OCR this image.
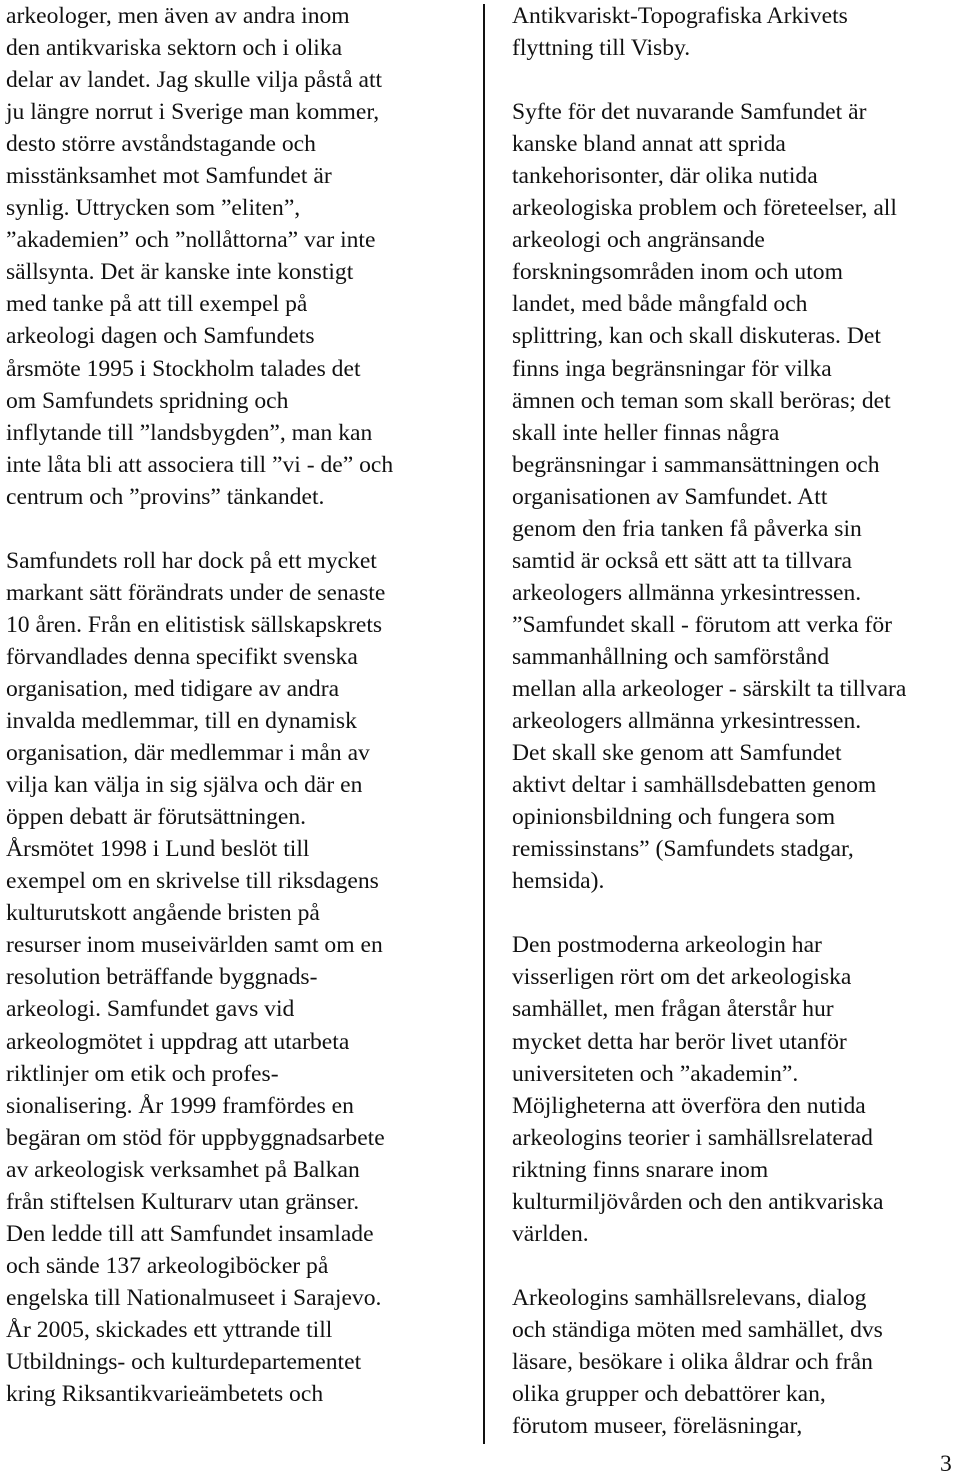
arkeologer, men även av andra inom
den antikvariska sektorn och i olika
delar av landet. Jag skulle vilja påstå att
ju längre norrut i Sverige man kommer,
desto större avståndstagande och
misstänksamhet mot Samfundet är
synlig. Uttrycken som ”eliten”,
”akademien” och ”nollåttorna” var inte
sällsynta. Det är kanske inte konstigt
med tanke på att till exempel på
arkeologi dagen och Samfundets
årsmöte 1995 i Stockholm talades det
om Samfundets spridning och
inflytande till ”landsbygden”, man kan
inte låta bli att associera till ”vi - de” och
centrum och ”provins” tänkandet.

Samfundets roll har dock på ett mycket
markant sätt förändrats under de senaste
10 åren. Från en elitistisk sällskapskrets
förvandlades denna specifikt svenska
organisation, med tidigare av andra
invalda medlemmar, till en dynamisk
organisation, där medlemmar i mån av
vilja kan välja in sig själva och där en
öppen debatt är förutsättningen.
Årsmötet 1998 i Lund beslöt till
exempel om en skrivelse till riksdagens
kulturutskott angående bristen på
resurser inom museivärlden samt om en
resolution beträffande byggnads-
arkeologi. Samfundet gavs vid
arkeologmötet i uppdrag att utarbeta
riktlinjer om etik och profes-
sionalisering. År 1999 framfördes en
begäran om stöd för uppbyggnadsarbete
av arkeologisk verksamhet på Balkan
från stiftelsen Kulturarv utan gränser.
Den ledde till att Samfundet insamlade
och sände 137 arkeologiböcker på
engelska till Nationalmuseet i Sarajevo.
År 2005, skickades ett yttrande till
Utbildnings- och kulturdepartementet
kring Riksantikvarieämbetets och

Antikvariskt-Topografiska Arkivets
flyttning till Visby.

Syfte för det nuvarande Samfundet är
kanske bland annat att sprida
tankehorisonter, där olika nutida
arkeologiska problem och företeelser, all
arkeologi och angränsande
forskningsområden inom och utom
landet, med både mångfald och
splittring, kan och skall diskuteras. Det
finns inga begränsningar för vilka
ämnen och teman som skall beröras; det
skall inte heller finnas några
begränsningar i sammansättningen och
organisationen av Samfundet. Att
genom den fria tanken få påverka sin
samtid är också ett sätt att ta tillvara
arkeologers allmänna yrkesintressen.
”Samfundet skall - förutom att verka för
sammanhållning och samförstånd
mellan alla arkeologer - särskilt ta tillvara
arkeologers allmänna yrkesintressen.
Det skall ske genom att Samfundet
aktivt deltar i samhällsdebatten genom
opinionsbildning och fungera som
remissinstans” (Samfundets stadgar,
hemsida).

Den postmoderna arkeologin har
visserligen rört om det arkeologiska
samhället, men frågan återstår hur
mycket detta har berör livet utanför
universiteten och ”akademin”.
Möjligheterna att överföra den nutida
arkeologins teorier i samhällsrelaterad
riktning finns snarare inom
kulturmiljövården och den antikvariska
världen.

Arkeologins samhällsrelevans, dialog
och ständiga möten med samhället, dvs
läsare, besökare i olika åldrar och från
olika grupper och debattörer kan,
förutom museer, föreläsningar,

3
